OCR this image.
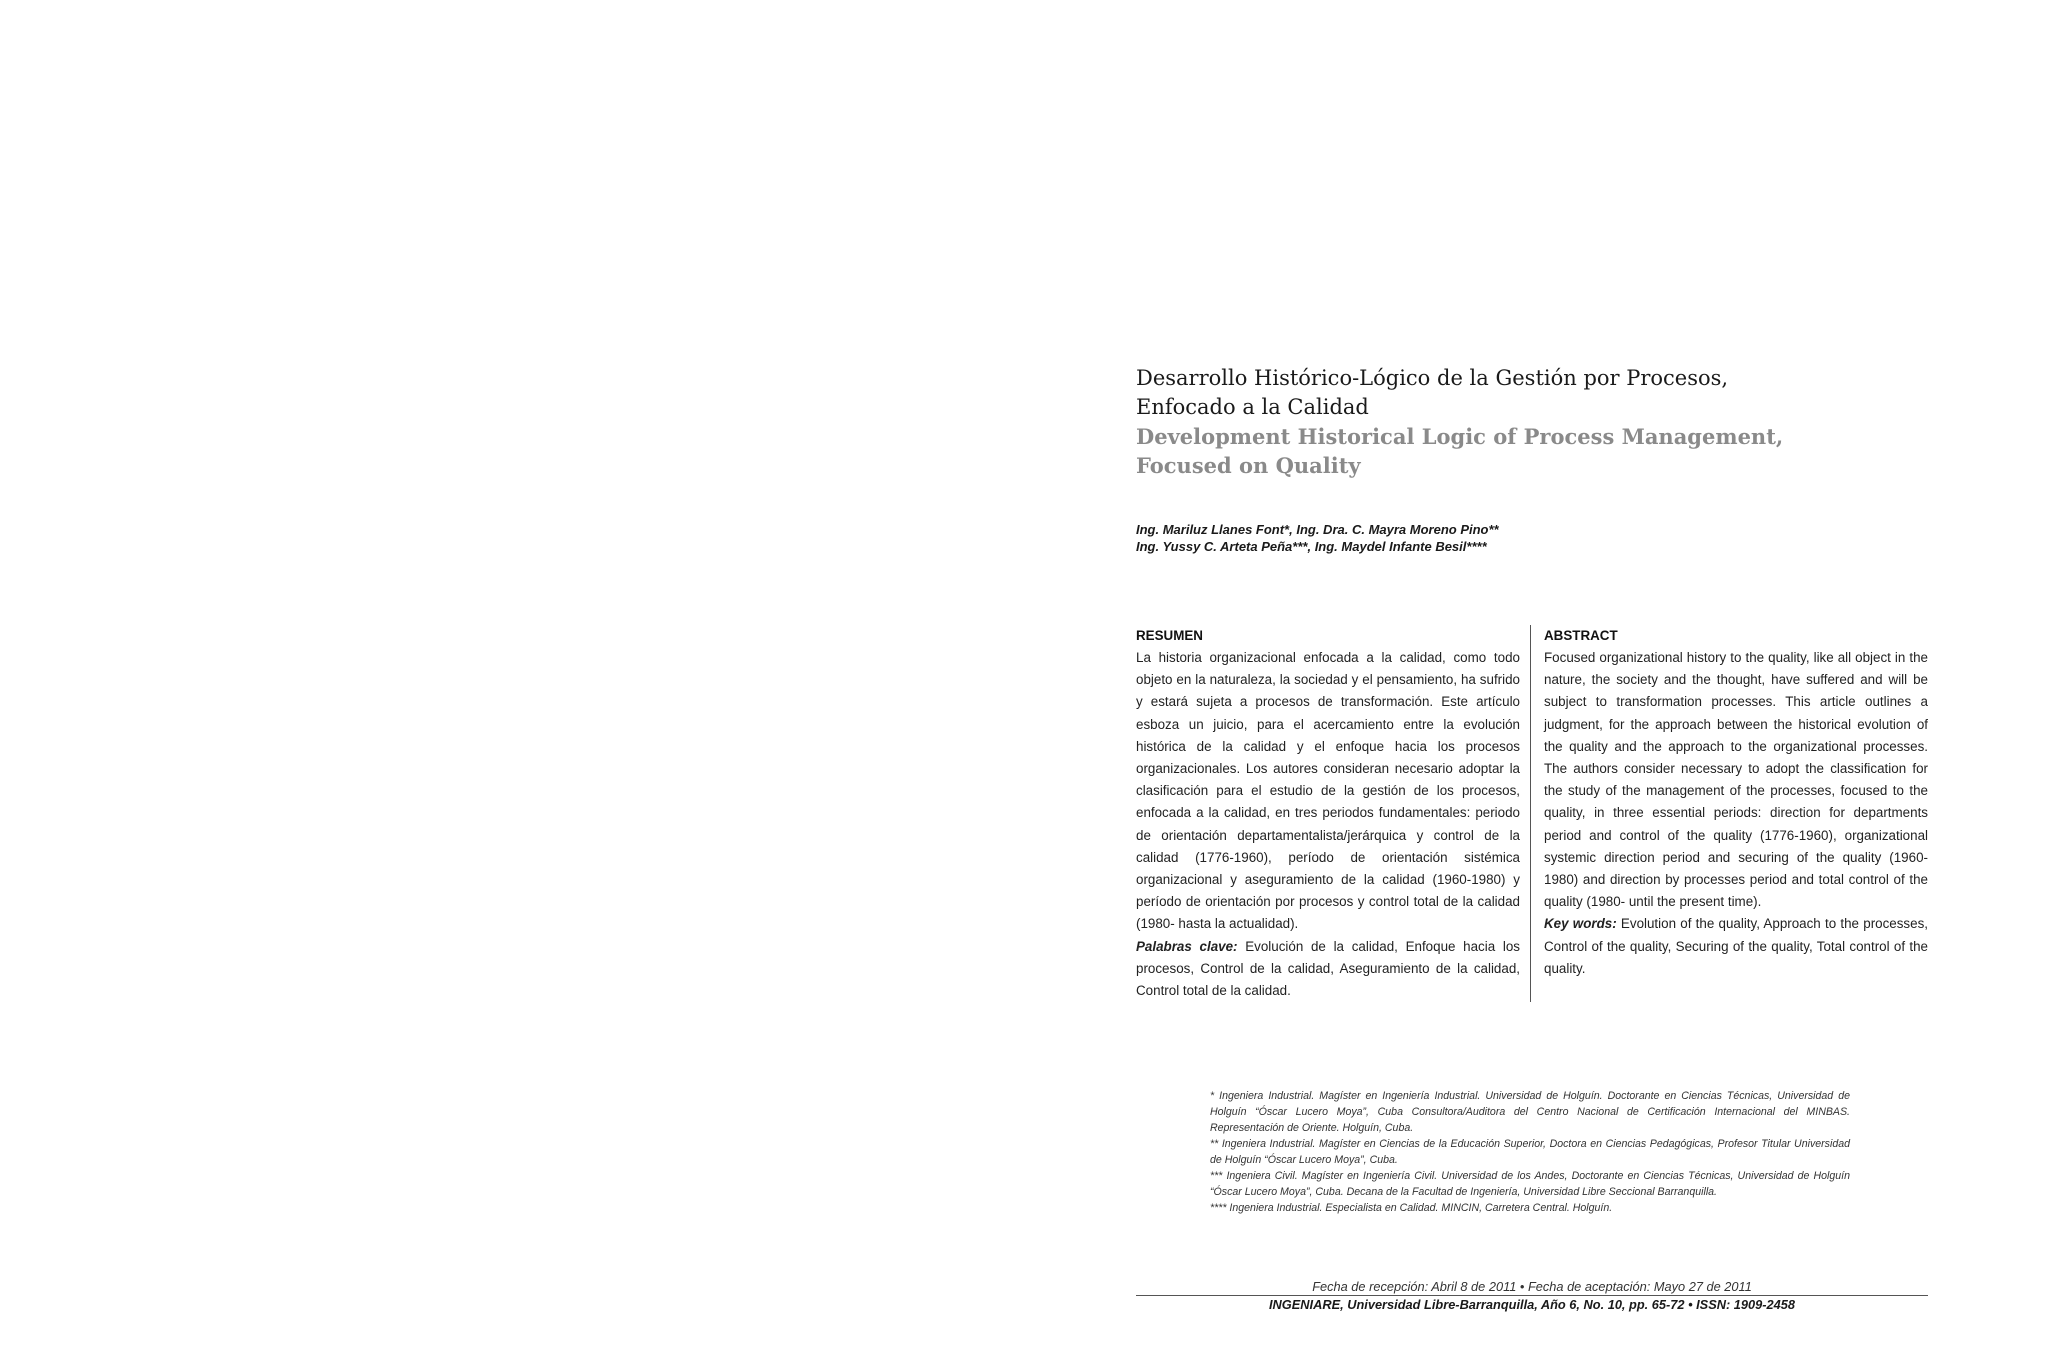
Desarrollo Histórico-Lógico de la Gestión por Procesos,
Enfocado a la Calidad
Development Historical Logic of Process Management,
Focused on Quality
Ing. Mariluz Llanes Font*, Ing. Dra. C. Mayra Moreno Pino**
Ing. Yussy C. Arteta Peña***, Ing. Maydel Infante Besil****
RESUMEN
La historia organizacional enfocada a la calidad, como todo objeto en la naturaleza, la sociedad y el pensamiento, ha sufrido y estará sujeta a procesos de transformación. Este artículo esboza un juicio, para el acercamiento entre la evolución histórica de la calidad y el enfoque hacia los procesos organizacionales. Los autores consideran necesario adoptar la clasificación para el estudio de la gestión de los procesos, enfocada a la calidad, en tres periodos fundamentales: periodo de orientación departamentalista/jerárquica y control de la calidad (1776-1960), período de orientación sistémica organizacional y aseguramiento de la calidad (1960-1980) y período de orientación por procesos y control total de la calidad (1980- hasta la actualidad).
Palabras clave: Evolución de la calidad, Enfoque hacia los procesos, Control de la calidad, Aseguramiento de la calidad, Control total de la calidad.
ABSTRACT
Focused organizational history to the quality, like all object in the nature, the society and the thought, have suffered and will be subject to transformation processes. This article outlines a judgment, for the approach between the historical evolution of the quality and the approach to the organizational processes. The authors consider necessary to adopt the classification for the study of the management of the processes, focused to the quality, in three essential periods: direction for departments period and control of the quality (1776-1960), organizational systemic direction period and securing of the quality (1960-1980) and direction by processes period and total control of the quality (1980- until the present time).
Key words: Evolution of the quality, Approach to the processes, Control of the quality, Securing of the quality, Total control of the quality.

* Ingeniera Industrial. Magíster en Ingeniería Industrial. Universidad de Holguín. Doctorante en Ciencias Técnicas, Universidad de Holguín “Óscar Lucero Moya”, Cuba Consultora/Auditora del Centro Nacional de Certificación Internacional del MINBAS. Representación de Oriente. Holguín, Cuba.

** Ingeniera Industrial. Magíster en Ciencias de la Educación Superior, Doctora en Ciencias Pedagógicas, Profesor Titular Universidad de Holguín “Óscar Lucero Moya”, Cuba.

*** Ingeniera Civil. Magíster en Ingeniería Civil. Universidad de los Andes, Doctorante en Ciencias Técnicas, Universidad de Holguín “Óscar Lucero Moya”, Cuba. Decana de la Facultad de Ingeniería, Universidad Libre Seccional Barranquilla.

**** Ingeniera Industrial. Especialista en Calidad. MINCIN, Carretera Central. Holguín.

Fecha de recepción: Abril 8 de 2011 • Fecha de aceptación: Mayo 27 de 2011
INGENIARE, Universidad Libre-Barranquilla, Año 6, No. 10, pp. 65-72 • ISSN: 1909-2458
